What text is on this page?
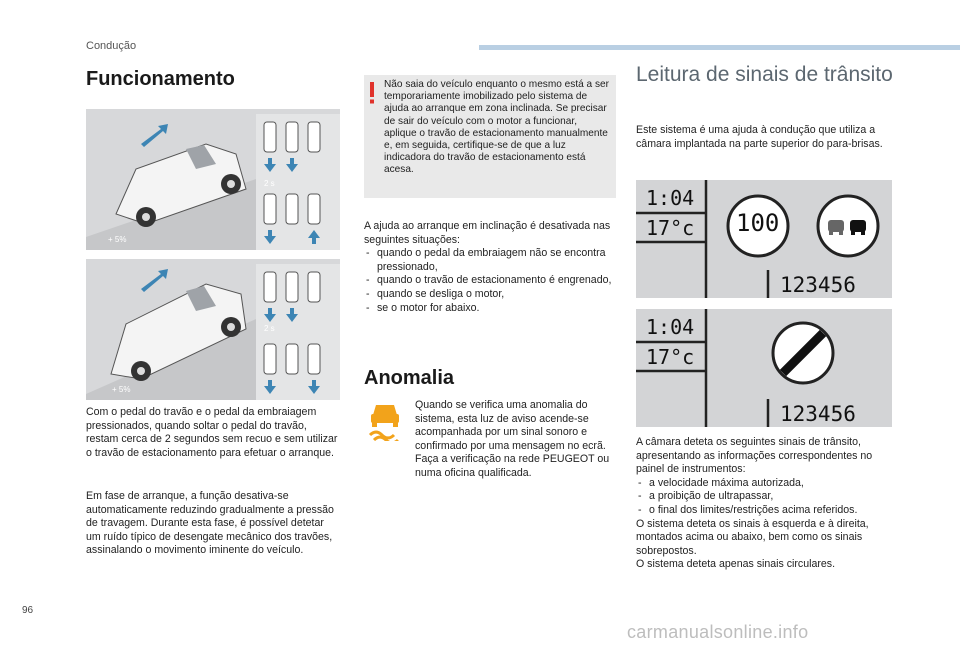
Condução
Funcionamento
2 s
+ 5%
2 s
+ 5%
Com o pedal do travão e o pedal da embraiagem pressionados, quando soltar o pedal do travão, restam cerca de 2 segundos sem recuo e sem utilizar o travão de estacionamento para efetuar o arranque.
Em fase de arranque, a função desativa-se automaticamente reduzindo gradualmente a pressão de travagem. Durante esta fase, é possível detetar um ruído típico de desengate mecânico dos travões, assinalando o movimento iminente do veículo.
Não saia do veículo enquanto o mesmo está a ser temporariamente imobilizado pelo sistema de ajuda ao arranque em zona inclinada. Se precisar de sair do veículo com o motor a funcionar, aplique o travão de estacionamento manualmente e, em seguida, certifique-se de que a luz indicadora do travão de estacionamento está acesa.

A ajuda ao arranque em inclinação é desativada nas seguintes situações:

- quando o pedal da embraiagem não se encontra pressionado,
- quando o travão de estacionamento é engrenado,
- quando se desliga o motor,
- se o motor for abaixo.
Anomalia
Quando se verifica uma anomalia do sistema, esta luz de aviso acende-se acompanhada por um sinal sonoro e confirmado por uma mensagem no ecrã. Faça a verificação na rede PEUGEOT ou numa oficina qualificada.
Leitura de sinais de trânsito
Este sistema é uma ajuda à condução que utiliza a câmara implantada na parte superior do para-brisas.
100
1:04
17°c
123456
1:04
17°c
123456

A câmara deteta os seguintes sinais de trânsito, apresentando as informações correspondentes no painel de instrumentos:

- a velocidade máxima autorizada,
- a proibição de ultrapassar,
- o final dos limites/restrições acima referidos.

O sistema deteta os sinais à esquerda e à direita, montados acima ou abaixo, bem como os sinais sobrepostos.

O sistema deteta apenas sinais circulares.

96
carmanualsonline.info
